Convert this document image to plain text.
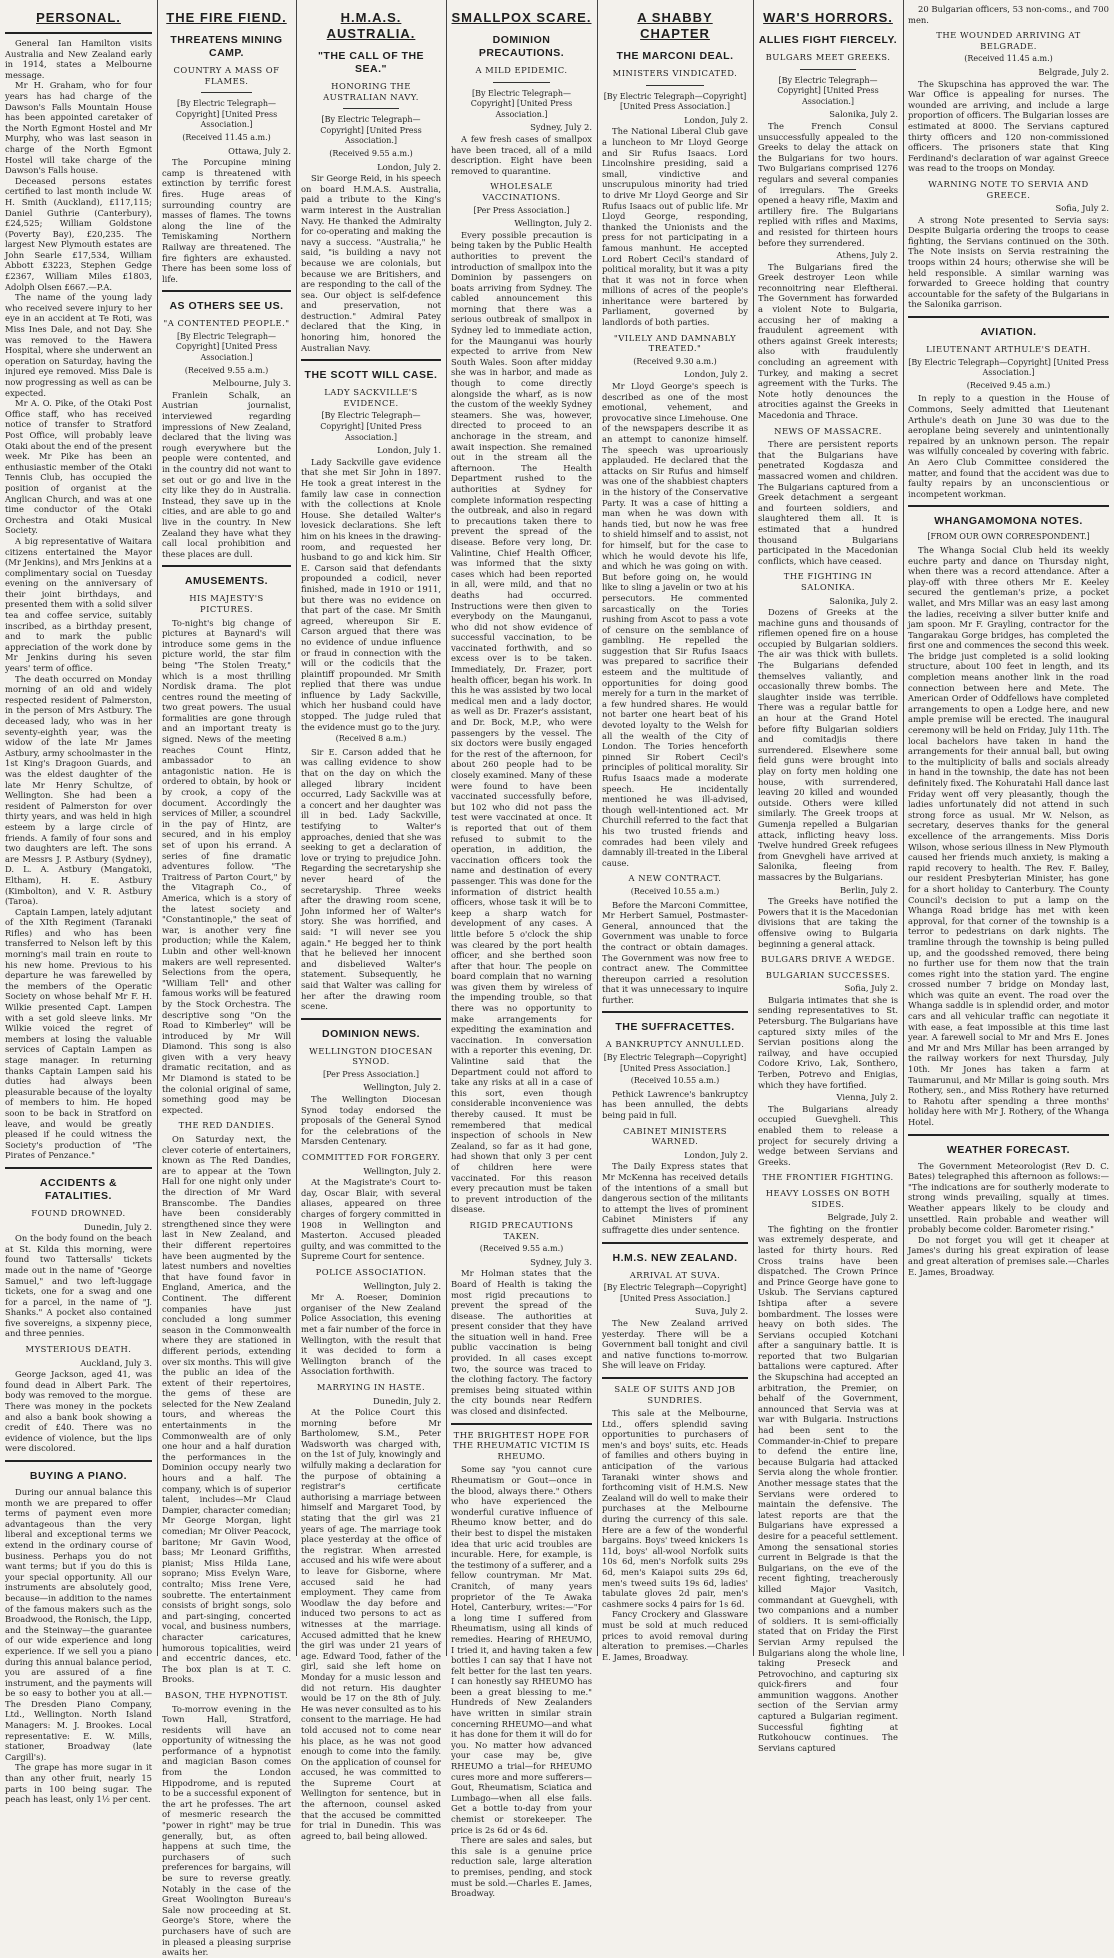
PERSONAL.

General Ian Hamilton visits Australia and New Zealand early in 1914, states a Melbourne message.

Mr H. Graham, who for four years has had charge of the Dawson's Falls Mountain House has been appointed caretaker of the North Egmont Hostel and Mr Murphy, who was last season in charge of the North Egmont Hostel will take charge of the Dawson's Falls house.

Deceased persons estates certified to last month include W. H. Smith (Auckland), £117,115; Daniel Guthrie (Canterbury), £24,525; William Goldstone (Poverty Bay), £20,235. The largest New Plymouth estates are John Searle £17,534, William Abbott £3223, Stephen Gedge £2367, William Miles £1803, Adolph Olsen £667.—P.A.

The name of the young lady who received severe injury to her eye in an accident at Te Roti, was Miss Ines Dale, and not Day. She was removed to the Hawera Hospital, where she underwent an operation on Saturday, having the injured eye removed. Miss Dale is now progressing as well as can be expected.

Mr A. O. Pike, of the Otaki Post Office staff, who has received notice of transfer to Stratford Post Office, will probably leave Otaki about the end of the present week. Mr Pike has been an enthusiastic member of the Otaki Tennis Club, has occupied the position of organist at the Anglican Church, and was at one time conductor of the Otaki Orchestra and Otaki Musical Society.

A big representative of Waitara citizens entertained the Mayor (Mr Jenkins), and Mrs Jenkins at a complimentary social on Tuesday evening on the anniversary of their joint birthdays, and presented them with a solid silver tea and coffee service, suitably inscribed, as a birthday present, and to mark the public appreciation of the work done by Mr Jenkins during his seven years' term of office.

The death occurred on Monday morning of an old and widely respected resident of Palmerston, in the person of Mrs Astbury. The deceased lady, who was in her seventy-eighth year, was the widow of the late Mr James Astbury, army schoolmaster in the 1st King's Dragoon Guards, and was the eldest daughter of the late Mr Henry Schultze, of Wellington. She had been a resident of Palmerston for over thirty years, and was held in high esteem by a large circle of friends. A family of four sons and two daughters are left. The sons are Messrs J. P. Astbury (Sydney), D. L. A. Astbury (Mangatoki, Eltham), H. E. Astbury (Kimbolton), and V. R. Astbury (Taroa).

Captain Lampen, lately adjutant of the XIth Regiment (Taranaki Rifles) and who has been transferred to Nelson left by this morning's mail train en route to his new home. Previous to his departure he was farewelled by the members of the Operatic Society on whose behalf Mr F. H. Wilkie presented Capt. Lampen with a set gold sleeve links. Mr Wilkie voiced the regret of members at losing the valuable services of Captain Lampen as stage manager. In returning thanks Captain Lampen said his duties had always been pleasurable because of the loyalty of members to him. He hoped soon to be back in Stratford on leave, and would be greatly pleased if he could witness the Society's production of "The Pirates of Penzance."

ACCIDENTS & FATALITIES.
FOUND DROWNED.
Dunedin, July 2.

On the body found on the beach at St. Kilda this morning, were found two Tattersalls' tickets made out in the name of "George Samuel," and two left-luggage tickets, one for a swag and one for a parcel, in the name of "J. Shanks." A pocket also contained five sovereigns, a sixpenny piece, and three pennies.

MYSTERIOUS DEATH.
Auckland, July 3.

George Jackson, aged 41, was found dead in Albert Park. The body was removed to the morgue. There was money in the pockets and also a bank book showing a credit of £40. There was no evidence of violence, but the lips were discolored.

BUYING A PIANO.

During our annual balance this month we are prepared to offer terms of payment even more advantageous than the very liberal and exceptional terms we extend in the ordinary course of business. Perhaps you do not want terms; but if you do this is your special opportunity. All our instruments are absolutely good, because—in addition to the names of the famous makers such as the Broadwood, the Ronisch, the Lipp, and the Steinway—the guarantee of our wide experience and long experience. If we sell you a piano during this annual balance period, you are assured of a fine instrument, and the payments will be so easy to bother you at all.—The Dresden Piano Company, Ltd., Wellington. North Island Managers: M. J. Brookes. Local representative: E. W. Mills, stationer, Broadway (late Cargill's).

The grape has more sugar in it than any other fruit, nearly 15 parts in 100 being sugar. The peach has least, only 1½ per cent.

THE FIRE FIEND.
THREATENS MINING CAMP.
COUNTRY A MASS OF FLAMES.
[By Electric Telegraph—Copyright] [United Press Association.]
(Received 11.45 a.m.)
Ottawa, July 2.

The Porcupine mining camp is threatened with extinction by terrific forest fires. Huge areas of surrounding country are masses of flames. The towns along the line of the Temiskaming Northern Railway are threatened. The fire fighters are exhausted. There has been some loss of life.

AS OTHERS SEE US.
"A CONTENTED PEOPLE."
[By Electric Telegraph—Copyright] [United Press Association.]
(Received 9.55 a.m.)
Melbourne, July 3.

Franlein Schalk, an Austrian journalist, interviewed regarding impressions of New Zealand, declared that the living was rough everywhere but the people were contented, and in the country did not want to set out or go and live in the city like they do in Australia. Instead, they save up in the cities, and are able to go and live in the country. In New Zealand they have what they call local prohibition and these places are dull.

AMUSEMENTS.
HIS MAJESTY'S PICTURES.

To-night's big change of pictures at Baynard's will introduce some gems in the picture world, the star film being "The Stolen Treaty," which is a most thrilling Nordisk drama. The plot centres round the meeting of two great powers. The usual formalities are gone through and an important treaty is signed. News of the meeting reaches Count Hintz, ambassador to an antagonistic nation. He is ordered to obtain, by hook or by crook, a copy of the document. Accordingly the services of Miller, a scoundrel in the pay of Hintz, are secured, and in his employ set of upon his errand. A series of fine dramatic adventures follow. "The Traitress of Parton Court," by the Vitagraph Co., of America, which is a story of the latest society and "Constantinople," the seat of war, is another very fine production; while the Kalem, Lubin and other well-known makers are well represented. Selections from the opera, "William Tell" and other famous works will be featured by the Stock Orchestra. The descriptive song "On the Road to Kimberley" will be introduced by Mr Will Diamond. This song is also given with a very heavy dramatic recitation, and as Mr Diamond is stated to be the colonial original of same, something good may be expected.

THE RED DANDIES.

On Saturday next, the clever coterie of entertainers, known as The Red Dandies, are to appear at the Town Hall for one night only under the direction of Mr Ward Branscombe. The Dandies have been considerably strengthened since they were last in New Zealand, and their different repertoires have been augmented by the latest numbers and novelties that have found favor in England, America, and the Continent. The different companies have just concluded a long summer season in the Commonwealth where they are stationed in different periods, extending over six months. This will give the public an idea of the extent of their repertoires, the gems of these are selected for the New Zealand tours, and whereas the entertainments in the Commonwealth are of only one hour and a half duration the performances in the Dominion occupy nearly two hours and a half. The company, which is of superior talent, includes—Mr Claud Dampier, character comedian; Mr George Morgan, light comedian; Mr Oliver Peacock, baritone; Mr Gavin Wood, bass; Mr Leonard Griffiths, pianist; Miss Hilda Lane, soprano; Miss Evelyn Ware, contralto; Miss Irene Vere, soubrette. The entertainment consists of bright songs, solo and part-singing, concerted vocal, and business numbers, character caricatures, humorous topicalities, weird and eccentric dances, etc. The box plan is at T. C. Brooks.

BASON, THE HYPNOTIST.

To-morrow evening in the Town Hall, Stratford, residents will have an opportunity of witnessing the performance of a hypnotist and magician Bason comes from the London Hippodrome, and is reputed to be a successful exponent of the art he professes. The art of mesmeric research the "power in right" may be true generally, but, as often happens at such time, the purchasers of such preferences for bargains, will be sure to reverse greatly. Notably in the case of the Great Woolington Bureau's Sale now proceeding at St. George's Store, where the purchasers have of such are in pleased a pleasing surprise awaits her.

H.M.A.S. AUSTRALIA.
"THE CALL OF THE SEA."
HONORING THE AUSTRALIAN NAVY.
[By Electric Telegraph—Copyright] [United Press Association.]
(Received 9.55 a.m.)
London, July 2.

Sir George Reid, in his speech on board H.M.A.S. Australia, paid a tribute to the King's warm interest in the Australian Navy. He thanked the Admiralty for co-operating and making the navy a success. "Australia," he said, "is building a navy not because we are colonials, but because we are Britishers, and are responding to the call of the sea. Our object is self-defence and preservation, not destruction." Admiral Patey declared that the King, in honoring him, honored the Australian Navy.

THE SCOTT WILL CASE.
LADY SACKVILLE'S EVIDENCE.
[By Electric Telegraph—Copyright] [United Press Association.]
London, July 1.

Lady Sackville gave evidence that she met Sir John in 1897. He took a great interest in the family law case in connection with the collections at Knole House. She detailed Walter's lovesick declarations. She left him on his knees in the drawing-room, and requested her husband to go and kick him. Sir E. Carson said that defendants propounded a codicil, never finished, made in 1910 or 1911, but there was no evidence on that part of the case. Mr Smith agreed, whereupon Sir E. Carson argued that there was no evidence of undue influence or fraud in connection with the will or the codicils that the plaintiff propounded. Mr Smith replied that there was undue influence by Lady Sackville, which her husband could have stopped. The judge ruled that the evidence must go to the jury.

(Received 8 a.m.)

Sir E. Carson added that he was calling evidence to show that on the day on which the alleged library incident occurred, Lady Sackville was at a concert and her daughter was ill in bed. Lady Sackville, testifying to Walter's approaches, denied that she was seeking to get a declaration of love or trying to prejudice John. Regarding the secretaryship she never heard of the secretaryship. Three weeks after the drawing room scene, John informed her of Walter's story. She was horrified, and said: "I will never see you again." He begged her to think that he believed her innocent and disbelieved Walter's statement. Subsequently, he said that Walter was calling for her after the drawing room scene.

DOMINION NEWS.
WELLINGTON DIOCESAN SYNOD.
[Per Press Association.]
Wellington, July 2.

The Wellington Diocesan Synod today endorsed the proposals of the General Synod for the celebrations of the Marsden Centenary.

COMMITTED FOR FORGERY.
Wellington, July 2.

At the Magistrate's Court to-day, Oscar Blair, with several aliases, appeared on three charges of forgery committed in 1908 in Wellington and Masterton. Accused pleaded guilty, and was committed to the Supreme Court for sentence.

POLICE ASSOCIATION.
Wellington, July 2.

Mr A. Roeser, Dominion organiser of the New Zealand Police Association, this evening met a fair number of the force in Wellington, with the result that it was decided to form a Wellington branch of the Association forthwith.

MARRYING IN HASTE.
Dunedin, July 2.

At the Police Court this morning before Mr Bartholomew, S.M., Peter Wadsworth was charged with, on the 1st of July, knowingly and wilfully making a declaration for the purpose of obtaining a registrar's certificate authorising a marriage between himself and Margaret Tood, by stating that the girl was 21 years of age. The marriage took place yesterday at the office of the registrar. When arrested accused and his wife were about to leave for Gisborne, where accused said he had employment. They came from Woodlaw the day before and induced two persons to act as witnesses at the marriage. Accused admitted that he knew the girl was under 21 years of age. Edward Tood, father of the girl, said she left home on Monday for a music lesson and did not return. His daughter would be 17 on the 8th of July. He was never consulted as to his consent to the marriage. He had told accused not to come near his place, as he was not good enough to come into the family. On the application of counsel for accused, he was committed to the Supreme Court at Wellington for sentence, but in the afternoon, counsel asked that the accused be committed for trial in Dunedin. This was agreed to, bail being allowed.

SMALLPOX SCARE.
DOMINION PRECAUTIONS.
A MILD EPIDEMIC.
[By Electric Telegraph—Copyright] [United Press Association.]
Sydney, July 2.

A few fresh cases of smallpox have been traced, all of a mild description. Eight have been removed to quarantine.

WHOLESALE VACCINATIONS.
[Per Press Association.]
Wellington, July 2.

Every possible precaution is being taken by the Public Health authorities to prevent the introduction of smallpox into the Dominion by passengers on boats arriving from Sydney. The cabled announcement this morning that there was a serious outbreak of smallpox in Sydney led to immediate action, for the Maunganui was hourly expected to arrive from New South Wales. Soon after midday she was in harbor, and made as though to come directly alongside the wharf, as is now the custom of the weekly Sydney steamers. She was, however, directed to proceed to an anchorage in the stream, and await inspection. She remained out in the stream all the afternoon. The Health Department rushed to the authorities at Sydney for complete information respecting the outbreak, and also in regard to precautions taken there to prevent the spread of the disease. Before very long, Dr. Valintine, Chief Health Officer, was informed that the sixty cases which had been reported in all, were mild, and that no deaths had occurred. Instructions were then given to everybody on the Maunganui, who did not show evidence of successful vaccination, to be vaccinated forthwith, and so excess over is to be taken. Immediately, Dr. Frazer, port health officer, began his work. In this he was assisted by two local medical men and a lady doctor, as well as Dr. Frazer's assistant, and Dr. Bock, M.P., who were passengers by the vessel. The six doctors were busily engaged for the rest of the afternoon, for about 260 people had to be closely examined. Many of these were found to have been vaccinated successfully before, but 102 who did not pass the test were vaccinated at once. It is reported that out of them refused to submit to the operation, in addition, the vaccination officers took the name and destination of every passenger. This was done for the information of district health officers, whose task it will be to keep a sharp watch for development of any cases. A little before 5 o'clock the ship was cleared by the port health officer, and she berthed soon after that hour. The people on board complain that no warning was given them by wireless of the impending trouble, so that there was no opportunity to make arrangements for expediting the examination and vaccination. In conversation with a reporter this evening, Dr. Valintine said that the Department could not afford to take any risks at all in a case of this sort, even though considerable inconvenience was thereby caused. It must be remembered that medical inspection of schools in New Zealand, so far as it had gone, had shown that only 3 per cent of children here were vaccinated. For this reason every precaution must be taken to prevent introduction of the disease.

RIGID PRECAUTIONS TAKEN.
(Received 9.55 a.m.)
Sydney, July 3.

Mr Holman states that the Board of Health is taking the most rigid precautions to prevent the spread of the disease. The authorities at present consider that they have the situation well in hand. Free public vaccination is being provided. In all cases except two, the source was traced to the clothing factory. The factory premises being situated within the city bounds near Redfern was closed and disinfected.

THE BRIGHTEST HOPE FOR THE RHEUMATIC VICTIM IS RHEUMO.

Some say "you cannot cure Rheumatism or Gout—once in the blood, always there." Others who have experienced the wonderful curative influence of Rheumo know better, and do their best to dispel the mistaken idea that uric acid troubles are incurable. Here, for example, is the testimony of a sufferer, and a fellow countryman. Mr Mat. Cranitch, of many years proprietor of the Te Awaka Hotel, Canterbury, writes:—"For a long time I suffered from Rheumatism, using all kinds of remedies. Hearing of RHEUMO, I tried it, and having taken a few bottles I can say that I have not felt better for the last ten years. I can honestly say RHEUMO has been a great blessing to me." Hundreds of New Zealanders have written in similar strain concerning RHEUMO—and what it has done for them it will do for you. No matter how advanced your case may be, give RHEUMO a trial—for RHEUMO cures more and more sufferers—Gout, Rheumatism, Sciatica and Lumbago—when all else fails. Get a bottle to-day from your chemist or storekeeper. The price is 2s 6d or 4s 6d.

There are sales and sales, but this sale is a genuine price reduction sale, large alteration to premises, pending, and stock must be sold.—Charles E. James, Broadway.

A SHABBY CHAPTER
THE MARCONI DEAL.
MINISTERS VINDICATED.
[By Electric Telegraph—Copyright] [United Press Association.]
London, July 2.

The National Liberal Club gave a luncheon to Mr Lloyd George and Sir Rufus Isaacs. Lord Lincolnshire presiding, said a small, vindictive and unscrupulous minority had tried to drive Mr Lloyd George and Sir Rufus Isaacs out of public life. Mr Lloyd George, responding, thanked the Unionists and the press for not participating in a famous manhunt. He accepted Lord Robert Cecil's standard of political morality, but it was a pity that it was not in force when millions of acres of the people's inheritance were bartered by Parliament, governed by landlords of both parties.

"VILELY AND DAMNABLY TREATED."
(Received 9.30 a.m.)
London, July 2.

Mr Lloyd George's speech is described as one of the most emotional, vehement, and provocative since Limehouse. One of the newspapers describe it as an attempt to canonize himself. The speech was uproariously applauded. He declared that the attacks on Sir Rufus and himself was one of the shabbiest chapters in the history of the Conservative Party. It was a case of hitting a man when he was down with hands tied, but now he was free to shield himself and to assist, not for himself, but for the case to which he would devote his life, and which he was going on with. But before going on, he would like to sling a javelin or two at his persecutors. He commented sarcastically on the Tories rushing from Ascot to pass a vote of censure on the semblance of gambling. He repelled the suggestion that Sir Rufus Isaacs was prepared to sacrifice their esteem and the multitude of opportunities for doing good merely for a turn in the market of a few hundred shares. He would not barter one heart beat of his devoted loyalty to the Welsh for all the wealth of the City of London. The Tories henceforth pinned Sir Robert Cecil's principles of political morality. Sir Rufus Isaacs made a moderate speech. He incidentally mentioned he was ill-advised, though well-intentioned act. Mr Churchill referred to the fact that his two trusted friends and comrades had been vilely and damnably ill-treated in the Liberal cause.

A NEW CONTRACT.
(Received 10.55 a.m.)

Before the Marconi Committee, Mr Herbert Samuel, Postmaster-General, announced that the Government was unable to force the contract or obtain damages. The Government was now free to contract anew. The Committee thereupon carried a resolution that it was unnecessary to inquire further.

THE SUFFRACETTES.
A BANKRUPTCY ANNULLED.
[By Electric Telegraph—Copyright] [United Press Association.]
(Received 10.55 a.m.)

Pethick Lawrence's bankruptcy has been annulled, the debts being paid in full.

CABINET MINISTERS WARNED.
London, July 2.

The Daily Express states that Mr McKenna has received details of the intentions of a small but dangerous section of the militants to attempt the lives of prominent Cabinet Ministers if any suffragette dies under sentence.

H.M.S. NEW ZEALAND.
ARRIVAL AT SUVA.
[By Electric Telegraph—Copyright] [United Press Association.]
Suva, July 2.

The New Zealand arrived yesterday. There will be a Government ball tonight and civil and native functions to-morrow. She will leave on Friday.

SALE OF SUITS AND JOB SUNDRIES.

This sale at the Melbourne, Ltd., offers splendid saving opportunities to purchasers of men's and boys' suits, etc. Heads of families and others buying in anticipation of the various Taranaki winter shows and forthcoming visit of H.M.S. New Zealand will do well to make their purchases at the Melbourne during the currency of this sale. Here are a few of the wonderful bargains. Boys' tweed knickers 1s 11d, boys' all-wool Norfolk suits 10s 6d, men's Norfolk suits 29s 6d, men's Kaiapoi suits 29s 6d, men's tweed suits 19s 6d, ladies' tabulate gloves 2d pair, men's cashmere socks 4 pairs for 1s 6d.

Fancy Crockery and Glassware must be sold at much reduced prices to avoid removal during alteration to premises.—Charles E. James, Broadway.

WAR'S HORRORS.
ALLIES FIGHT FIERCELY.
BULGARS MEET GREEKS.
[By Electric Telegraph—Copyright] [United Press Association.]
Salonika, July 2.

The French Consul unsuccessfully appealed to the Greeks to delay the attack on the Bulgarians for two hours. Two Bulgarians comprised 1276 regulars and several companies of irregulars. The Greeks opened a heavy rifle, Maxim and artillery fire. The Bulgarians replied with rifles and Maxims, and resisted for thirteen hours before they surrendered.

Athens, July 2.

The Bulgarians fired the Greek destroyer Leon while reconnoitring near Eleftherai. The Government has forwarded a violent Note to Bulgaria, accusing her of making a fraudulent agreement with others against Greek interests; also with fraudulently concluding an agreement with Turkey, and making a secret agreement with the Turks. The Note hotly denounces the atrocities against the Greeks in Macedonia and Thrace.

NEWS OF MASSACRE.

There are persistent reports that the Bulgarians have penetrated Kogdasza and massacred women and children. The Bulgarians captured from a Greek detachment a sergeant and fourteen soldiers, and slaughtered them all. It is estimated that a hundred thousand Bulgarians participated in the Macedonian conflicts, which have ceased.

THE FIGHTING IN SALONIKA.
Salonika, July 2.

Dozens of Greeks at the machine guns and thousands of riflemen opened fire on a house occupied by Bulgarian soldiers. The air was thick with bullets. The Bulgarians defended themselves valiantly, and occasionally threw bombs. The slaughter inside was terrible. There was a regular battle for an hour at the Grand Hotel before fifty Bulgarian soldiers and comitadjis there surrendered. Elsewhere some field guns were brought into play on forty men holding one house, with surrendered, leaving 20 killed and wounded outside. Others were killed similarly. The Greek troops at Gumenja repelled a Bulgarian attack, inflicting heavy loss. Twelve hundred Greek refugees from Gnevgheli have arrived at Salonika, fleeing from massacres by the Bulgarians.

Berlin, July 2.

The Greeks have notified the Powers that it is the Macedonian divisions that are taking the offensive owing to Bulgaria beginning a general attack.

BULGARS DRIVE A WEDGE.
BULGARIAN SUCCESSES.
Sofia, July 2.

Bulgaria intimates that she is sending representatives to St. Petersburg. The Bulgarians have captured sixty miles of the Servian positions along the railway, and have occupied Codore Krivo, Lak, Sonthero, Terben, Potrevo and Enigias, which they have fortified.

Vienna, July 2.

The Bulgarians already occupied Guevgheli. This enabled them to release a project for securely driving a wedge between Servians and Greeks.

THE FRONTIER FIGHTING.
HEAVY LOSSES ON BOTH SIDES.
Belgrade, July 2.

The fighting on the frontier was extremely desperate, and lasted for thirty hours. Red Cross trains have been dispatched. The Crown Prince and Prince George have gone to Uskub. The Servians captured Ishtipa after a severe bombardment. The losses were heavy on both sides. The Servians occupied Kotchani after a sanguinary battle. It is reported that two Bulgarian battalions were captured. After the Skupschina had accepted an arbitration, the Premier, on behalf of the Government, announced that Servia was at war with Bulgaria. Instructions had been sent to the Commander-in-Chief to prepare to defend the entire line, because Bulgaria had attacked Servia along the whole frontier. Another message states that the Servians were ordered to maintain the defensive. The latest reports are that the Bulgarians have expressed a desire for a peaceful settlement. Among the sensational stories current in Belgrade is that the Bulgarians, on the eve of the recent fighting, treacherously killed Major Vasitch, commandant at Guevgheli, with two companions and a number of soldiers. It is semi-officially stated that on Friday the First Servian Army repulsed the Bulgarians along the whole line, taking Preseck and Petrovochino, and capturing six quick-firers and four ammunition waggons. Another section of the Servian army captured a Bulgarian regiment. Successful fighting at Rutkohoucw continues. The Servians captured

20 Bulgarian officers, 53 non-coms., and 700 men.

THE WOUNDED ARRIVING AT BELGRADE.
(Received 11.45 a.m.)
Belgrade, July 2.

The Skupschina has approved the war. The War Office is appealing for nurses. The wounded are arriving, and include a large proportion of officers. The Bulgarian losses are estimated at 8000. The Servians captured thirty officers and 120 non-commissioned officers. The prisoners state that King Ferdinand's declaration of war against Greece was read to the troops on Monday.

WARNING NOTE TO SERVIA AND GREECE.
Sofia, July 2.

A strong Note presented to Servia says: Despite Bulgaria ordering the troops to cease fighting, the Servians continued on the 30th. The Note insists on Servia restraining the troops within 24 hours; otherwise she will be held responsible. A similar warning was forwarded to Greece holding that country accountable for the safety of the Bulgarians in the Salonika garrison.

AVIATION.
LIEUTENANT ARTHULE'S DEATH.
[By Electric Telegraph—Copyright] [United Press Association.]
(Received 9.45 a.m.)

In reply to a question in the House of Commons, Seely admitted that Lieutenant Arthule's death on June 30 was due to the aeroplane being severely and unintentionally repaired by an unknown person. The repair was wilfully concealed by covering with fabric. An Aero Club Committee considered the matter, and found that the accident was due to faulty repairs by an unconscientious or incompetent workman.

WHANGAMOMONA NOTES.
[FROM OUR OWN CORRESPONDENT.]

The Whanga Social Club held its weekly euchre party and dance on Thursday night, when there was a record attendance. After a play-off with three others Mr E. Keeley secured the gentleman's prize, a pocket wallet, and Mrs Millar was an easy last among the ladies, receiving a silver butter knife and jam spoon. Mr F. Grayling, contractor for the Tangarakau Gorge bridges, has completed the first one and commences the second this week. The bridge just completed is a solid looking structure, about 100 feet in length, and its completion means another link in the road connection between here and Mete. The American Order of Oddfellows have completed arrangements to open a Lodge here, and new ample premise will be erected. The inaugural ceremony will be held on Friday, July 11th. The local bachelors have taken in hand the arrangements for their annual ball, but owing to the multiplicity of balls and socials already in hand in the township, the date has not been definitely fixed. The Kohuratahi Hall dance last Friday went off very pleasantly, though the ladies unfortunately did not attend in such strong force as usual. Mr W. Nelson, as secretary, deserves thanks for the general excellence of the arrangements. Miss Doris Wilson, whose serious illness in New Plymouth caused her friends much anxiety, is making a rapid recovery to health. The Rev. F. Bailey, our resident Presbyterian Minister, has gone for a short holiday to Canterbury. The County Council's decision to put a lamp on the Whanga Road bridge has met with keen approval, for that corner of the township is a terror to pedestrians on dark nights. The tramline through the township is being pulled up, and the goodsshed removed, there being no further use for them now that the train comes right into the station yard. The engine crossed number 7 bridge on Monday last, which was quite an event. The road over the Whanga saddle is in splendid order, and motor cars and all vehicular traffic can negotiate it with ease, a feat impossible at this time last year. A farewell social to Mr and Mrs E. Jones and Mr and Mrs Millar has been arranged by the railway workers for next Thursday, July 10th. Mr Jones has taken a farm at Taumarunui, and Mr Millar is going south. Mrs Rothery, sen., and Miss Rothery have returned to Rahotu after spending a three months' holiday here with Mr J. Rothery, of the Whanga Hotel.

WEATHER FORECAST.

The Government Meteorologist (Rev D. C. Bates) telegraphed this afternoon as follows:— "The indications are for southerly moderate to strong winds prevailing, squally at times. Weather appears likely to be cloudy and unsettled. Rain probable and weather will probably become colder. Barometer rising."

Do not forget you will get it cheaper at James's during his great expiration of lease and great alteration of premises sale.—Charles E. James, Broadway.
